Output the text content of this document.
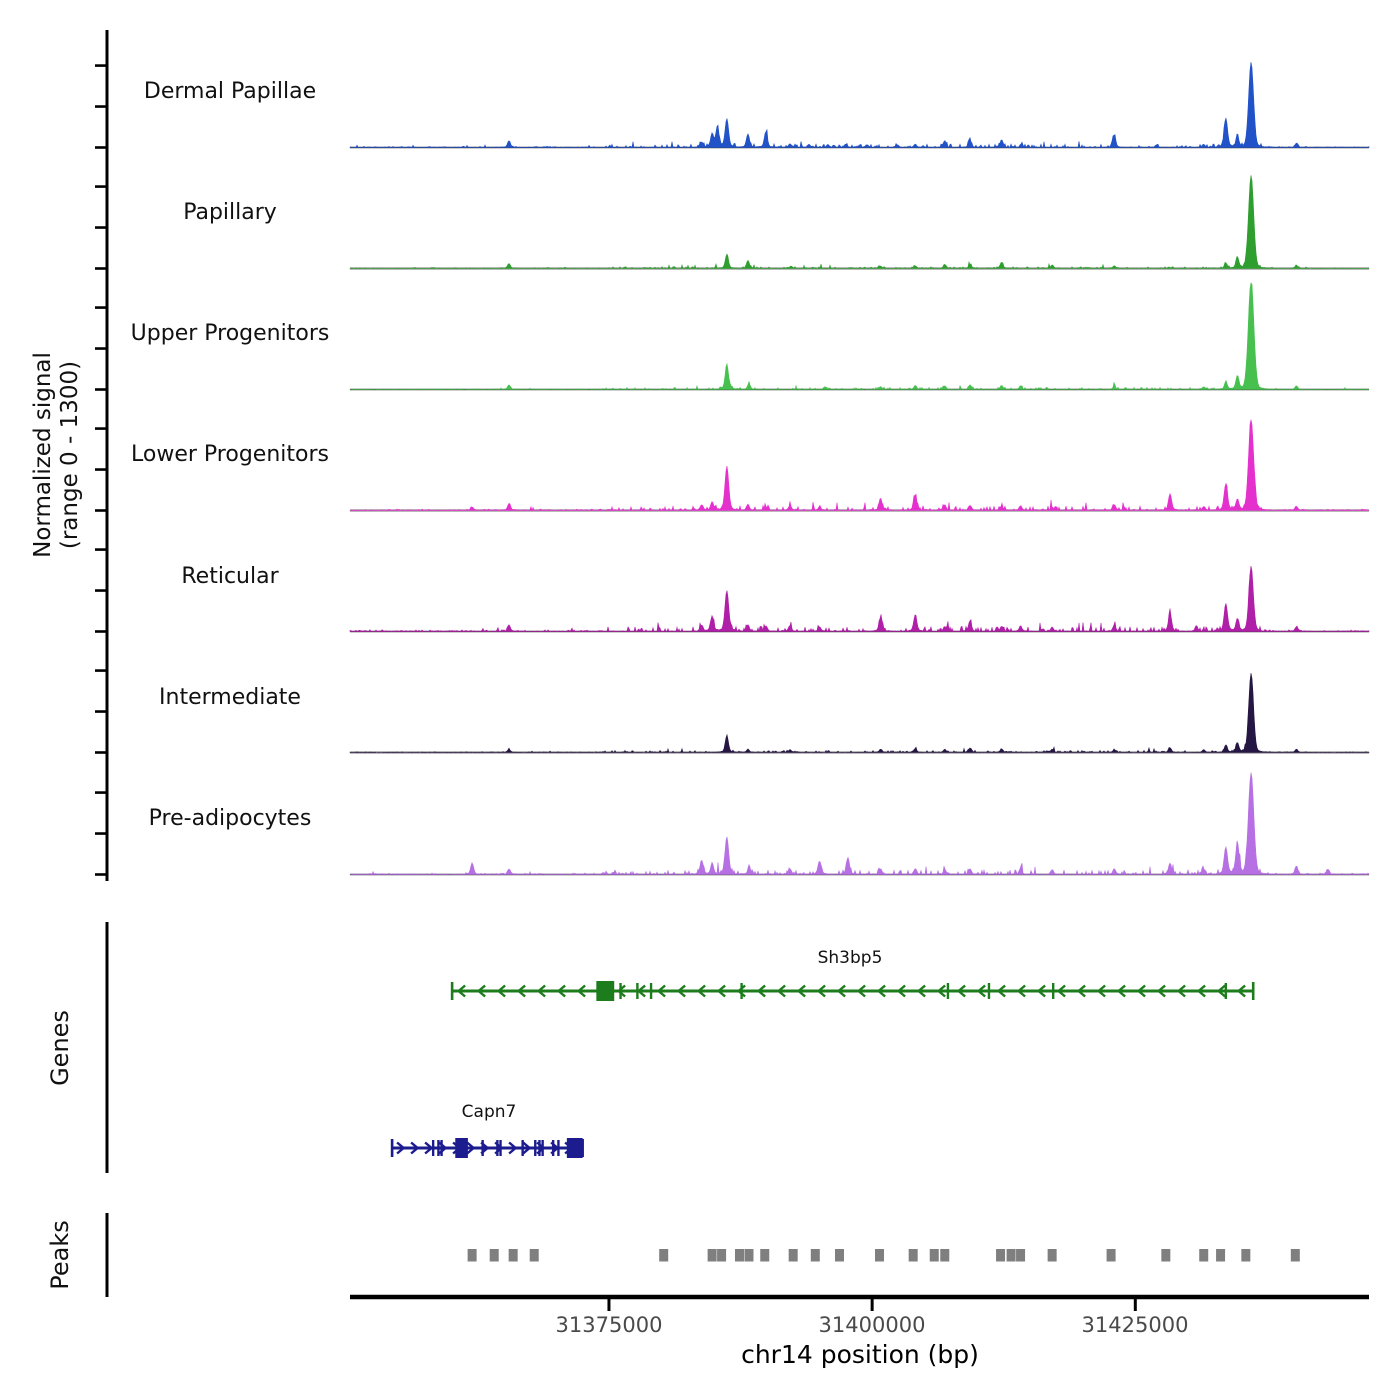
Dermal Papillae
Papillary
Upper Progenitors
Lower Progenitors
Reticular
Intermediate
Pre-adipocytes
Normalized signal (range 0 - 1300)
Genes
Peaks
Sh3bp5
Capn7
31375000	31400000	31425000
chr14 position (bp)
